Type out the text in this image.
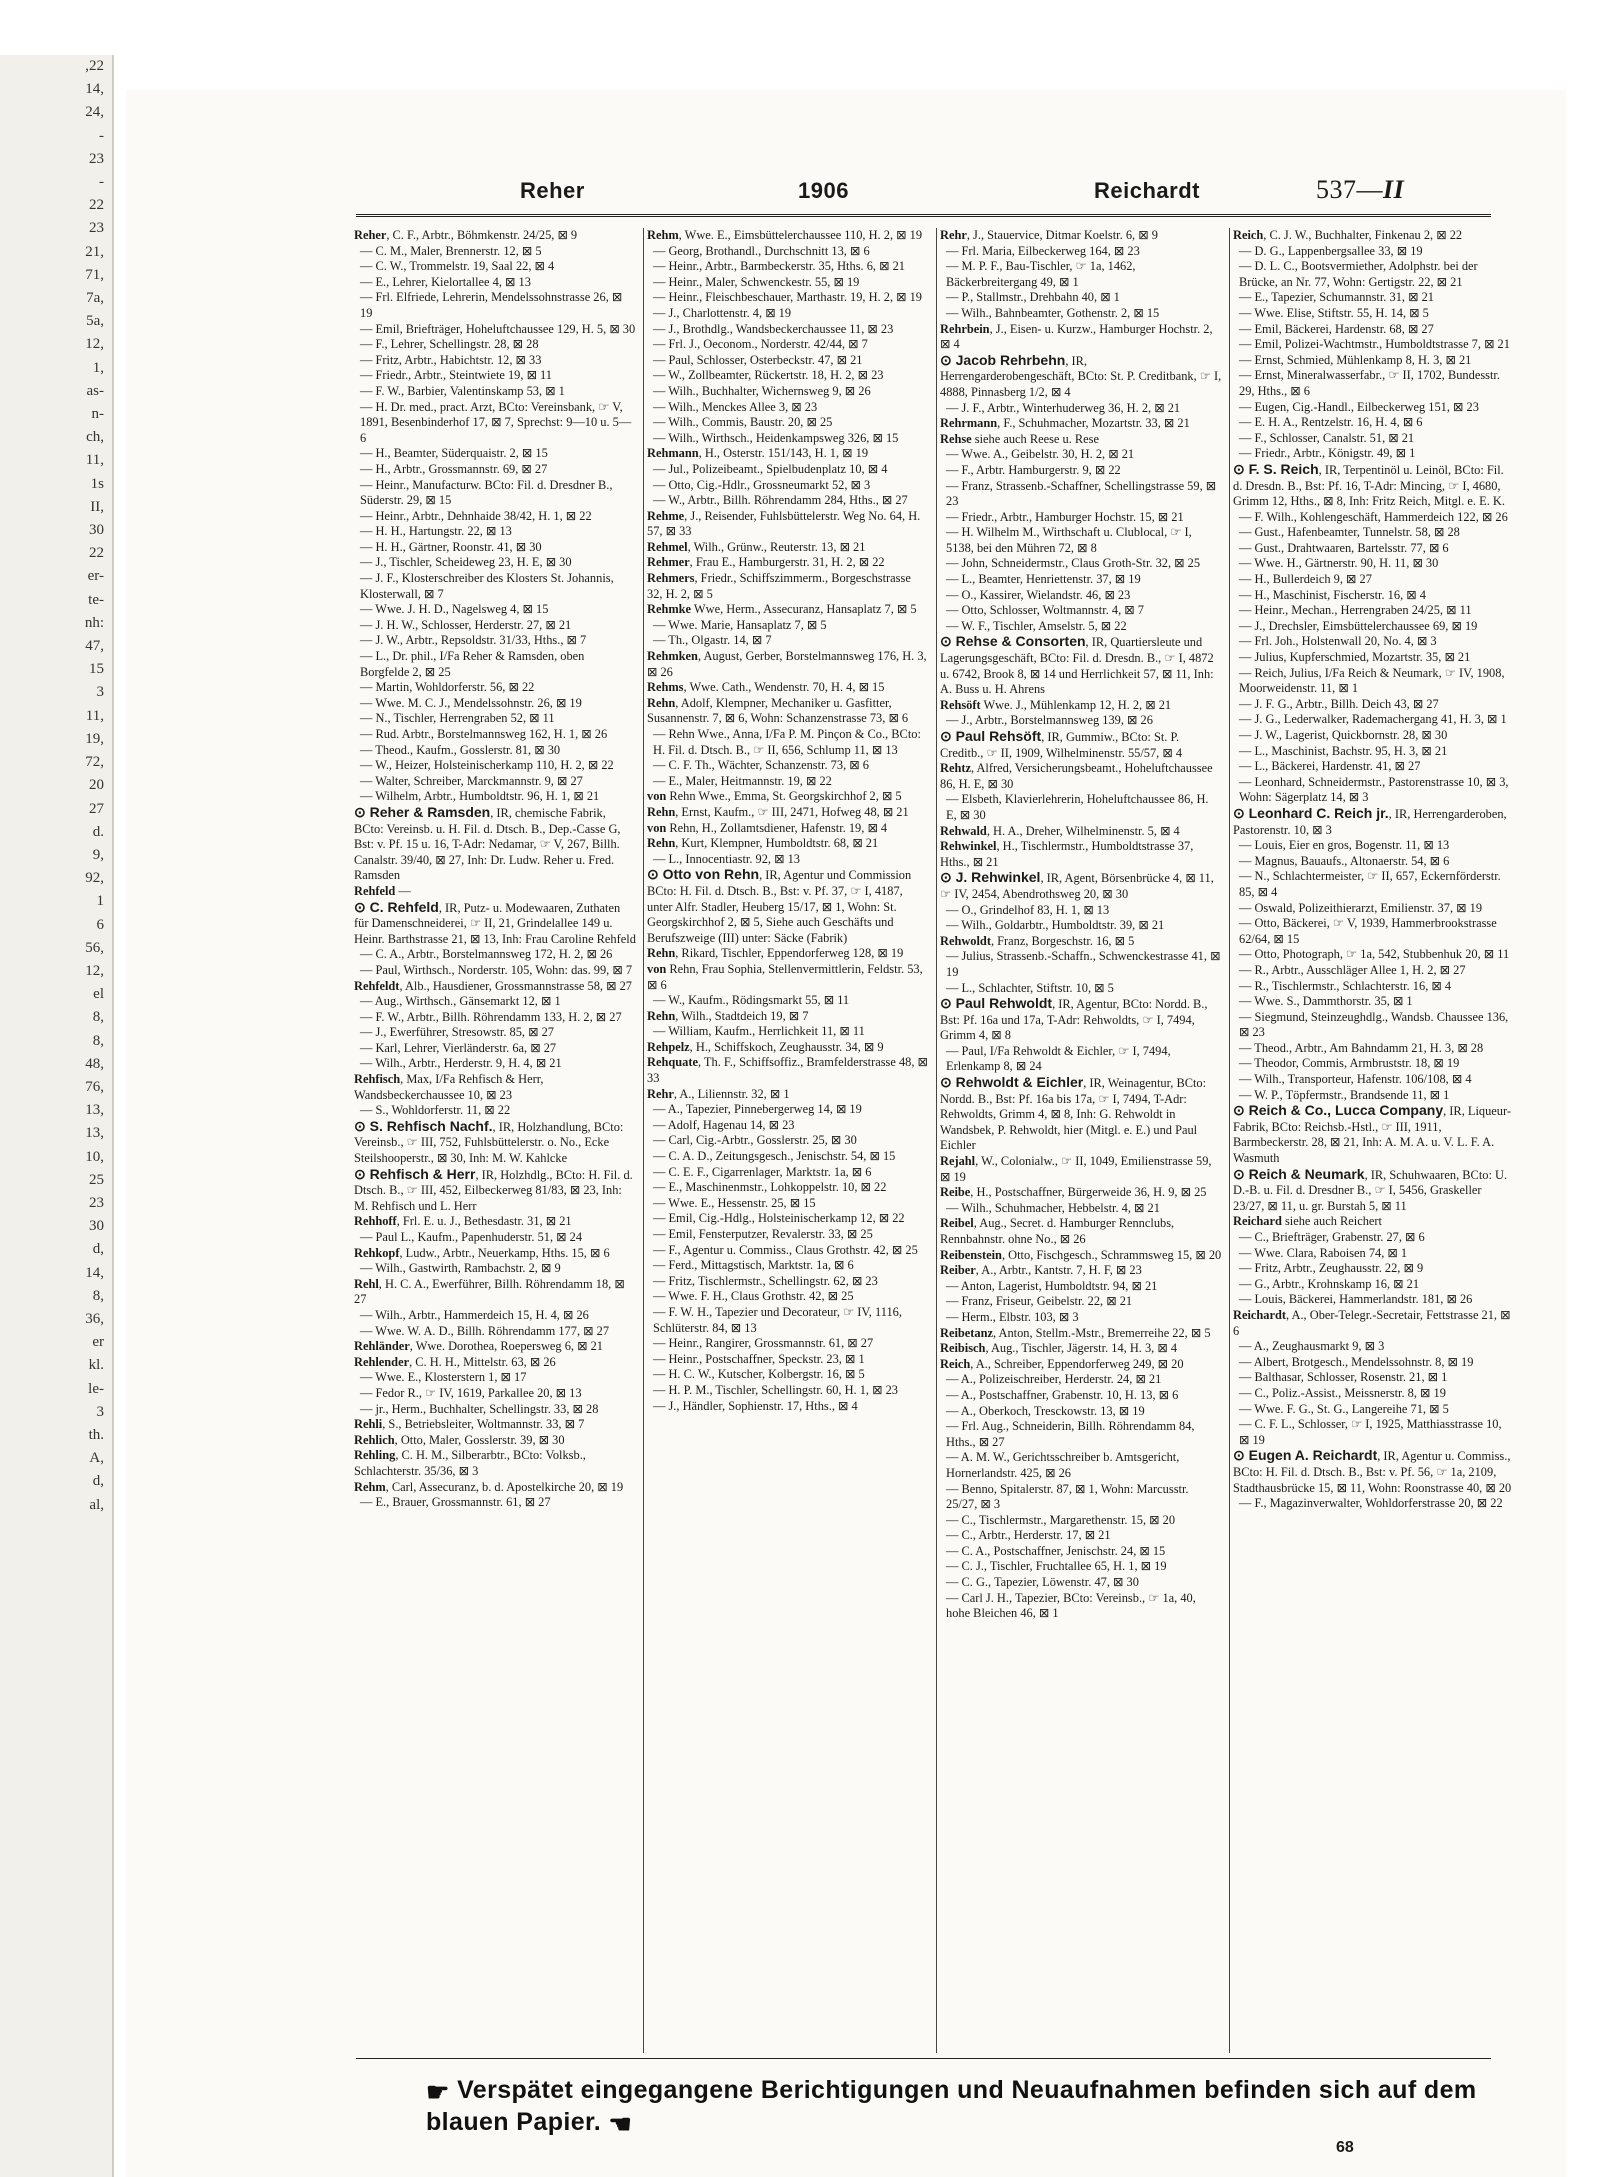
,22
14,
24,
-
23
-
22
23
21,
71,
7a,
5a,
12,
1,
as-
n-
ch,
11,
1s
II,
30
22
er-
te-
nh:
47,
15
3
11,
19,
72,
20
27
d.
9,
92,
1
6
56,
12,
el
8,
8,
48,
76,
13,
13,
10,
25
23
30
d,
14,
8,
36,
er
kl.
le-
3
th.
A,
d,
al,
Reher	1906	Reichardt	537—II

Reher, C. F., Arbtr., Böhmkenstr. 24/25, ⊠ 9

— C. M., Maler, Brennerstr. 12, ⊠ 5

— C. W., Trommelstr. 19, Saal 22, ⊠ 4

— E., Lehrer, Kielortallee 4, ⊠ 13

— Frl. Elfriede, Lehrerin, Mendelssohnstrasse 26, ⊠ 19

— Emil, Briefträger, Hoheluftchaussee 129, H. 5, ⊠ 30

— F., Lehrer, Schellingstr. 28, ⊠ 28

— Fritz, Arbtr., Habichtstr. 12, ⊠ 33

— Friedr., Arbtr., Steintwiete 19, ⊠ 11

— F. W., Barbier, Valentinskamp 53, ⊠ 1

— H. Dr. med., pract. Arzt, BCto: Vereinsbank, ☞ V, 1891, Besenbinderhof 17, ⊠ 7, Sprechst: 9—10 u. 5—6

— H., Beamter, Süderquaistr. 2, ⊠ 15

— H., Arbtr., Grossmannstr. 69, ⊠ 27

— Heinr., Manufacturw. BCto: Fil. d. Dresdner B., Süderstr. 29, ⊠ 15

— Heinr., Arbtr., Dehnhaide 38/42, H. 1, ⊠ 22

— H. H., Hartungstr. 22, ⊠ 13

— H. H., Gärtner, Roonstr. 41, ⊠ 30

— J., Tischler, Scheideweg 23, H. E, ⊠ 30

— J. F., Klosterschreiber des Klosters St. Johannis, Klosterwall, ⊠ 7

— Wwe. J. H. D., Nagelsweg 4, ⊠ 15

— J. H. W., Schlosser, Herderstr. 27, ⊠ 21

— J. W., Arbtr., Repsoldstr. 31/33, Hths., ⊠ 7

— L., Dr. phil., I/Fa Reher & Ramsden, oben Borgfelde 2, ⊠ 25

— Martin, Wohldorferstr. 56, ⊠ 22

— Wwe. M. C. J., Mendelssohnstr. 26, ⊠ 19

— N., Tischler, Herrengraben 52, ⊠ 11

— Rud. Arbtr., Borstelmannsweg 162, H. 1, ⊠ 26

— Theod., Kaufm., Gosslerstr. 81, ⊠ 30

— W., Heizer, Holsteinischerkamp 110, H. 2, ⊠ 22

— Walter, Schreiber, Marckmannstr. 9, ⊠ 27

— Wilhelm, Arbtr., Humboldtstr. 96, H. 1, ⊠ 21

⊙ Reher & Ramsden, IR, chemische Fabrik, BCto: Vereinsb. u. H. Fil. d. Dtsch. B., Dep.-Casse G, Bst: v. Pf. 15 u. 16, T-Adr: Nedamar, ☞ V, 267, Billh. Canalstr. 39/40, ⊠ 27, Inh: Dr. Ludw. Reher u. Fred. Ramsden

Rehfeld —

⊙ C. Rehfeld, IR, Putz- u. Modewaaren, Zuthaten für Damenschneiderei, ☞ II, 21, Grindelallee 149 u. Heinr. Barthstrasse 21, ⊠ 13, Inh: Frau Caroline Rehfeld

— C. A., Arbtr., Borstelmannsweg 172, H. 2, ⊠ 26

— Paul, Wirthsch., Norderstr. 105, Wohn: das. 99, ⊠ 7

Rehfeldt, Alb., Hausdiener, Grossmannstrasse 58, ⊠ 27

— Aug., Wirthsch., Gänsemarkt 12, ⊠ 1

— F. W., Arbtr., Billh. Röhrendamm 133, H. 2, ⊠ 27

— J., Ewerführer, Stresowstr. 85, ⊠ 27

— Karl, Lehrer, Vierländerstr. 6a, ⊠ 27

— Wilh., Arbtr., Herderstr. 9, H. 4, ⊠ 21

Rehfisch, Max, I/Fa Rehfisch & Herr, Wandsbeckerchaussee 10, ⊠ 23

— S., Wohldorferstr. 11, ⊠ 22

⊙ S. Rehfisch Nachf., IR, Holzhandlung, BCto: Vereinsb., ☞ III, 752, Fuhlsbüttelerstr. o. No., Ecke Steilshooperstr., ⊠ 30, Inh: M. W. Kahlcke

⊙ Rehfisch & Herr, IR, Holzhdlg., BCto: H. Fil. d. Dtsch. B., ☞ III, 452, Eilbeckerweg 81/83, ⊠ 23, Inh: M. Rehfisch und L. Herr

Rehhoff, Frl. E. u. J., Bethesdastr. 31, ⊠ 21

— Paul L., Kaufm., Papenhuderstr. 51, ⊠ 24

Rehkopf, Ludw., Arbtr., Neuerkamp, Hths. 15, ⊠ 6

— Wilh., Gastwirth, Rambachstr. 2, ⊠ 9

Rehl, H. C. A., Ewerführer, Billh. Röhrendamm 18, ⊠ 27

— Wilh., Arbtr., Hammerdeich 15, H. 4, ⊠ 26

— Wwe. W. A. D., Billh. Röhrendamm 177, ⊠ 27

Rehländer, Wwe. Dorothea, Roepersweg 6, ⊠ 21

Rehlender, C. H. H., Mittelstr. 63, ⊠ 26

— Wwe. E., Klosterstern 1, ⊠ 17

— Fedor R., ☞ IV, 1619, Parkallee 20, ⊠ 13

— jr., Herm., Buchhalter, Schellingstr. 33, ⊠ 28

Rehli, S., Betriebsleiter, Woltmannstr. 33, ⊠ 7

Rehlich, Otto, Maler, Gosslerstr. 39, ⊠ 30

Rehling, C. H. M., Silberarbtr., BCto: Volksb., Schlachterstr. 35/36, ⊠ 3

Rehm, Carl, Assecuranz, b. d. Apostelkirche 20, ⊠ 19

— E., Brauer, Grossmannstr. 61, ⊠ 27

Rehm, Wwe. E., Eimsbüttelerchaussee 110, H. 2, ⊠ 19

— Georg, Brothandl., Durchschnitt 13, ⊠ 6

— Heinr., Arbtr., Barmbeckerstr. 35, Hths. 6, ⊠ 21

— Heinr., Maler, Schwenckestr. 55, ⊠ 19

— Heinr., Fleischbeschauer, Marthastr. 19, H. 2, ⊠ 19

— J., Charlottenstr. 4, ⊠ 19

— J., Brothdlg., Wandsbeckerchaussee 11, ⊠ 23

— Frl. J., Oeconom., Norderstr. 42/44, ⊠ 7

— Paul, Schlosser, Osterbeckstr. 47, ⊠ 21

— W., Zollbeamter, Rückertstr. 18, H. 2, ⊠ 23

— Wilh., Buchhalter, Wichernsweg 9, ⊠ 26

— Wilh., Menckes Allee 3, ⊠ 23

— Wilh., Commis, Baustr. 20, ⊠ 25

— Wilh., Wirthsch., Heidenkampsweg 326, ⊠ 15

Rehmann, H., Osterstr. 151/143, H. 1, ⊠ 19

— Jul., Polizeibeamt., Spielbudenplatz 10, ⊠ 4

— Otto, Cig.-Hdlr., Grossneumarkt 52, ⊠ 3

— W., Arbtr., Billh. Röhrendamm 284, Hths., ⊠ 27

Rehme, J., Reisender, Fuhlsbüttelerstr. Weg No. 64, H. 57, ⊠ 33

Rehmel, Wilh., Grünw., Reuterstr. 13, ⊠ 21

Rehmer, Frau E., Hamburgerstr. 31, H. 2, ⊠ 22

Rehmers, Friedr., Schiffszimmerm., Borgeschstrasse 32, H. 2, ⊠ 5

Rehmke Wwe, Herm., Assecuranz, Hansaplatz 7, ⊠ 5

— Wwe. Marie, Hansaplatz 7, ⊠ 5

— Th., Olgastr. 14, ⊠ 7

Rehmken, August, Gerber, Borstelmannsweg 176, H. 3, ⊠ 26

Rehms, Wwe. Cath., Wendenstr. 70, H. 4, ⊠ 15

Rehn, Adolf, Klempner, Mechaniker u. Gasfitter, Susannenstr. 7, ⊠ 6, Wohn: Schanzenstrasse 73, ⊠ 6

— Rehn Wwe., Anna, I/Fa P. M. Pinçon & Co., BCto: H. Fil. d. Dtsch. B., ☞ II, 656, Schlump 11, ⊠ 13

— C. F. Th., Wächter, Schanzenstr. 73, ⊠ 6

— E., Maler, Heitmannstr. 19, ⊠ 22

von Rehn Wwe., Emma, St. Georgskirchhof 2, ⊠ 5

Rehn, Ernst, Kaufm., ☞ III, 2471, Hofweg 48, ⊠ 21

von Rehn, H., Zollamtsdiener, Hafenstr. 19, ⊠ 4

Rehn, Kurt, Klempner, Humboldtstr. 68, ⊠ 21

— L., Innocentiastr. 92, ⊠ 13

⊙ Otto von Rehn, IR, Agentur und Commission BCto: H. Fil. d. Dtsch. B., Bst: v. Pf. 37, ☞ I, 4187, unter Alfr. Stadler, Heuberg 15/17, ⊠ 1, Wohn: St. Georgskirchhof 2, ⊠ 5, Siehe auch Geschäfts und Berufszweige (III) unter: Säcke (Fabrik)

Rehn, Rikard, Tischler, Eppendorferweg 128, ⊠ 19

von Rehn, Frau Sophia, Stellenvermittlerin, Feldstr. 53, ⊠ 6

— W., Kaufm., Rödingsmarkt 55, ⊠ 11

Rehn, Wilh., Stadtdeich 19, ⊠ 7

— William, Kaufm., Herrlichkeit 11, ⊠ 11

Rehpelz, H., Schiffskoch, Zeughausstr. 34, ⊠ 9

Rehquate, Th. F., Schiffsoffiz., Bramfelderstrasse 48, ⊠ 33

Rehr, A., Liliennstr. 32, ⊠ 1

— A., Tapezier, Pinnebergerweg 14, ⊠ 19

— Adolf, Hagenau 14, ⊠ 23

— Carl, Cig.-Arbtr., Gosslerstr. 25, ⊠ 30

— C. A. D., Zeitungsgesch., Jenischstr. 54, ⊠ 15

— C. E. F., Cigarrenlager, Marktstr. 1a, ⊠ 6

— E., Maschinenmstr., Lohkoppelstr. 10, ⊠ 22

— Wwe. E., Hessenstr. 25, ⊠ 15

— Emil, Cig.-Hdlg., Holsteinischerkamp 12, ⊠ 22

— Emil, Fensterputzer, Revalerstr. 33, ⊠ 25

— F., Agentur u. Commiss., Claus Grothstr. 42, ⊠ 25

— Ferd., Mittagstisch, Marktstr. 1a, ⊠ 6

— Fritz, Tischlermstr., Schellingstr. 62, ⊠ 23

— Wwe. F. H., Claus Grothstr. 42, ⊠ 25

— F. W. H., Tapezier und Decorateur, ☞ IV, 1116, Schlüterstr. 84, ⊠ 13

— Heinr., Rangirer, Grossmannstr. 61, ⊠ 27

— Heinr., Postschaffner, Speckstr. 23, ⊠ 1

— H. C. W., Kutscher, Kolbergstr. 16, ⊠ 5

— H. P. M., Tischler, Schellingstr. 60, H. 1, ⊠ 23

— J., Händler, Sophienstr. 17, Hths., ⊠ 4

Rehr, J., Stauervice, Ditmar Koelstr. 6, ⊠ 9

— Frl. Maria, Eilbeckerweg 164, ⊠ 23

— M. P. F., Bau-Tischler, ☞ 1a, 1462, Bäckerbreitergang 49, ⊠ 1

— P., Stallmstr., Drehbahn 40, ⊠ 1

— Wilh., Bahnbeamter, Gothenstr. 2, ⊠ 15

Rehrbein, J., Eisen- u. Kurzw., Hamburger Hochstr. 2, ⊠ 4

⊙ Jacob Rehrbehn, IR, Herrengarderobengeschäft, BCto: St. P. Creditbank, ☞ I, 4888, Pinnasberg 1/2, ⊠ 4

— J. F., Arbtr., Winterhuderweg 36, H. 2, ⊠ 21

Rehrmann, F., Schuhmacher, Mozartstr. 33, ⊠ 21

Rehse siehe auch Reese u. Rese

— Wwe. A., Geibelstr. 30, H. 2, ⊠ 21

— F., Arbtr. Hamburgerstr. 9, ⊠ 22

— Franz, Strassenb.-Schaffner, Schellingstrasse 59, ⊠ 23

— Friedr., Arbtr., Hamburger Hochstr. 15, ⊠ 21

— H. Wilhelm M., Wirthschaft u. Clublocal, ☞ I, 5138, bei den Mühren 72, ⊠ 8

— John, Schneidermstr., Claus Groth-Str. 32, ⊠ 25

— L., Beamter, Henriettenstr. 37, ⊠ 19

— O., Kassirer, Wielandstr. 46, ⊠ 23

— Otto, Schlosser, Woltmannstr. 4, ⊠ 7

— W. F., Tischler, Amselstr. 5, ⊠ 22

⊙ Rehse & Consorten, IR, Quartiersleute und Lagerungsgeschäft, BCto: Fil. d. Dresdn. B., ☞ I, 4872 u. 6742, Brook 8, ⊠ 14 und Herrlichkeit 57, ⊠ 11, Inh: A. Buss u. H. Ahrens

Rehsöft Wwe. J., Mühlenkamp 12, H. 2, ⊠ 21

— J., Arbtr., Borstelmannsweg 139, ⊠ 26

⊙ Paul Rehsöft, IR, Gummiw., BCto: St. P. Creditb., ☞ II, 1909, Wilhelminenstr. 55/57, ⊠ 4

Rehtz, Alfred, Versicherungsbeamt., Hoheluftchaussee 86, H. E, ⊠ 30

— Elsbeth, Klavierlehrerin, Hoheluftchaussee 86, H. E, ⊠ 30

Rehwald, H. A., Dreher, Wilhelminenstr. 5, ⊠ 4

Rehwinkel, H., Tischlermstr., Humboldtstrasse 37, Hths., ⊠ 21

⊙ J. Rehwinkel, IR, Agent, Börsenbrücke 4, ⊠ 11, ☞ IV, 2454, Abendrothsweg 20, ⊠ 30

— O., Grindelhof 83, H. 1, ⊠ 13

— Wilh., Goldarbtr., Humboldtstr. 39, ⊠ 21

Rehwoldt, Franz, Borgeschstr. 16, ⊠ 5

— Julius, Strassenb.-Schaffn., Schwenckestrasse 41, ⊠ 19

— L., Schlachter, Stiftstr. 10, ⊠ 5

⊙ Paul Rehwoldt, IR, Agentur, BCto: Nordd. B., Bst: Pf. 16a und 17a, T-Adr: Rehwoldts, ☞ I, 7494, Grimm 4, ⊠ 8

— Paul, I/Fa Rehwoldt & Eichler, ☞ I, 7494, Erlenkamp 8, ⊠ 24

⊙ Rehwoldt & Eichler, IR, Weinagentur, BCto: Nordd. B., Bst: Pf. 16a bis 17a, ☞ I, 7494, T-Adr: Rehwoldts, Grimm 4, ⊠ 8, Inh: G. Rehwoldt in Wandsbek, P. Rehwoldt, hier (Mitgl. e. E.) und Paul Eichler

Rejahl, W., Colonialw., ☞ II, 1049, Emilienstrasse 59, ⊠ 19

Reibe, H., Postschaffner, Bürgerweide 36, H. 9, ⊠ 25

— Wilh., Schuhmacher, Hebbelstr. 4, ⊠ 21

Reibel, Aug., Secret. d. Hamburger Rennclubs, Rennbahnstr. ohne No., ⊠ 26

Reibenstein, Otto, Fischgesch., Schrammsweg 15, ⊠ 20

Reiber, A., Arbtr., Kantstr. 7, H. F, ⊠ 23

— Anton, Lagerist, Humboldtstr. 94, ⊠ 21

— Franz, Friseur, Geibelstr. 22, ⊠ 21

— Herm., Elbstr. 103, ⊠ 3

Reibetanz, Anton, Stellm.-Mstr., Bremerreihe 22, ⊠ 5

Reibisch, Aug., Tischler, Jägerstr. 14, H. 3, ⊠ 4

Reich, A., Schreiber, Eppendorferweg 249, ⊠ 20

— A., Polizeischreiber, Herderstr. 24, ⊠ 21

— A., Postschaffner, Grabenstr. 10, H. 13, ⊠ 6

— A., Oberkoch, Tresckowstr. 13, ⊠ 19

— Frl. Aug., Schneiderin, Billh. Röhrendamm 84, Hths., ⊠ 27

— A. M. W., Gerichtsschreiber b. Amtsgericht, Hornerlandstr. 425, ⊠ 26

— Benno, Spitalerstr. 87, ⊠ 1, Wohn: Marcusstr. 25/27, ⊠ 3

— C., Tischlermstr., Margarethenstr. 15, ⊠ 20

— C., Arbtr., Herderstr. 17, ⊠ 21

— C. A., Postschaffner, Jenischstr. 24, ⊠ 15

— C. J., Tischler, Fruchtallee 65, H. 1, ⊠ 19

— C. G., Tapezier, Löwenstr. 47, ⊠ 30

— Carl J. H., Tapezier, BCto: Vereinsb., ☞ 1a, 40, hohe Bleichen 46, ⊠ 1

Reich, C. J. W., Buchhalter, Finkenau 2, ⊠ 22

— D. G., Lappenbergsallee 33, ⊠ 19

— D. L. C., Bootsvermiether, Adolphstr. bei der Brücke, an Nr. 77, Wohn: Gertigstr. 22, ⊠ 21

— E., Tapezier, Schumannstr. 31, ⊠ 21

— Wwe. Elise, Stiftstr. 55, H. 14, ⊠ 5

— Emil, Bäckerei, Hardenstr. 68, ⊠ 27

— Emil, Polizei-Wachtmstr., Humboldtstrasse 7, ⊠ 21

— Ernst, Schmied, Mühlenkamp 8, H. 3, ⊠ 21

— Ernst, Mineralwasserfabr., ☞ II, 1702, Bundesstr. 29, Hths., ⊠ 6

— Eugen, Cig.-Handl., Eilbeckerweg 151, ⊠ 23

— E. H. A., Rentzelstr. 16, H. 4, ⊠ 6

— F., Schlosser, Canalstr. 51, ⊠ 21

— Friedr., Arbtr., Königstr. 49, ⊠ 1

⊙ F. S. Reich, IR, Terpentinöl u. Leinöl, BCto: Fil. d. Dresdn. B., Bst: Pf. 16, T-Adr: Mincing, ☞ I, 4680, Grimm 12, Hths., ⊠ 8, Inh: Fritz Reich, Mitgl. e. E. K.

— F. Wilh., Kohlengeschäft, Hammerdeich 122, ⊠ 26

— Gust., Hafenbeamter, Tunnelstr. 58, ⊠ 28

— Gust., Drahtwaaren, Bartelsstr. 77, ⊠ 6

— Wwe. H., Gärtnerstr. 90, H. 11, ⊠ 30

— H., Bullerdeich 9, ⊠ 27

— H., Maschinist, Fischerstr. 16, ⊠ 4

— Heinr., Mechan., Herrengraben 24/25, ⊠ 11

— J., Drechsler, Eimsbüttelerchaussee 69, ⊠ 19

— Frl. Joh., Holstenwall 20, No. 4, ⊠ 3

— Julius, Kupferschmied, Mozartstr. 35, ⊠ 21

— Reich, Julius, I/Fa Reich & Neumark, ☞ IV, 1908, Moorweidenstr. 11, ⊠ 1

— J. F. G., Arbtr., Billh. Deich 43, ⊠ 27

— J. G., Lederwalker, Rademachergang 41, H. 3, ⊠ 1

— J. W., Lagerist, Quickbornstr. 28, ⊠ 30

— L., Maschinist, Bachstr. 95, H. 3, ⊠ 21

— L., Bäckerei, Hardenstr. 41, ⊠ 27

— Leonhard, Schneidermstr., Pastorenstrasse 10, ⊠ 3, Wohn: Sägerplatz 14, ⊠ 3

⊙ Leonhard C. Reich jr., IR, Herrengarderoben, Pastorenstr. 10, ⊠ 3

— Louis, Eier en gros, Bogenstr. 11, ⊠ 13

— Magnus, Bauaufs., Altonaerstr. 54, ⊠ 6

— N., Schlachtermeister, ☞ II, 657, Eckernförderstr. 85, ⊠ 4

— Oswald, Polizeithierarzt, Emilienstr. 37, ⊠ 19

— Otto, Bäckerei, ☞ V, 1939, Hammerbrookstrasse 62/64, ⊠ 15

— Otto, Photograph, ☞ 1a, 542, Stubbenhuk 20, ⊠ 11

— R., Arbtr., Ausschläger Allee 1, H. 2, ⊠ 27

— R., Tischlermstr., Schlachterstr. 16, ⊠ 4

— Wwe. S., Dammthorstr. 35, ⊠ 1

— Siegmund, Steinzeughdlg., Wandsb. Chaussee 136, ⊠ 23

— Theod., Arbtr., Am Bahndamm 21, H. 3, ⊠ 28

— Theodor, Commis, Armbruststr. 18, ⊠ 19

— Wilh., Transporteur, Hafenstr. 106/108, ⊠ 4

— W. P., Töpfermstr., Brandsende 11, ⊠ 1

⊙ Reich & Co., Lucca Company, IR, Liqueur-Fabrik, BCto: Reichsb.-Hstl., ☞ III, 1911, Barmbeckerstr. 28, ⊠ 21, Inh: A. M. A. u. V. L. F. A. Wasmuth

⊙ Reich & Neumark, IR, Schuhwaaren, BCto: U. D.-B. u. Fil. d. Dresdner B., ☞ I, 5456, Graskeller 23/27, ⊠ 11, u. gr. Burstah 5, ⊠ 11

Reichard siehe auch Reichert

— C., Briefträger, Grabenstr. 27, ⊠ 6

— Wwe. Clara, Raboisen 74, ⊠ 1

— Fritz, Arbtr., Zeughausstr. 22, ⊠ 9

— G., Arbtr., Krohnskamp 16, ⊠ 21

— Louis, Bäckerei, Hammerlandstr. 181, ⊠ 26

Reichardt, A., Ober-Telegr.-Secretair, Fettstrasse 21, ⊠ 6

— A., Zeughausmarkt 9, ⊠ 3

— Albert, Brotgesch., Mendelssohnstr. 8, ⊠ 19

— Balthasar, Schlosser, Rosenstr. 21, ⊠ 1

— C., Poliz.-Assist., Meissnerstr. 8, ⊠ 19

— Wwe. F. G., St. G., Langereihe 71, ⊠ 5

— C. F. L., Schlosser, ☞ I, 1925, Matthiasstrasse 10, ⊠ 19

⊙ Eugen A. Reichardt, IR, Agentur u. Commiss., BCto: H. Fil. d. Dtsch. B., Bst: v. Pf. 56, ☞ 1a, 2109, Stadthausbrücke 15, ⊠ 11, Wohn: Roonstrasse 40, ⊠ 20

— F., Magazinverwalter, Wohldorferstrasse 20, ⊠ 22

☛ Verspätet eingegangene Berichtigungen und Neuaufnahmen befinden sich auf dem blauen Papier. ☚
68
